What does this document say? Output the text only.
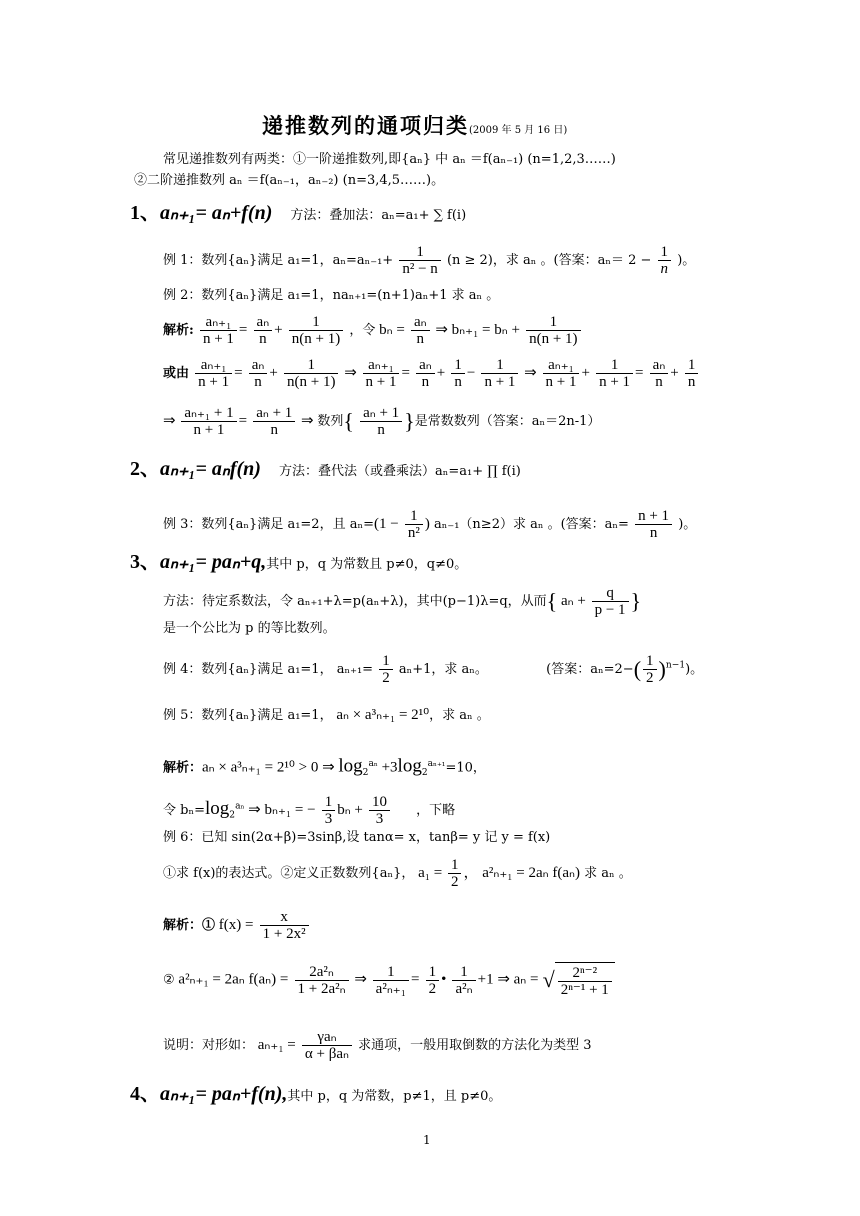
递推数列的通项归类(2009 年 5 月 16 日)
常见递推数列有两类：①一阶递推数列,即{aₙ} 中 aₙ ＝f(aₙ₋₁) (n=1,2,3……)
②二阶递推数列 aₙ ＝f(aₙ₋₁，aₙ₋₂) (n=3,4,5……)。
1、aₙ₊₁= aₙ+f(n) 方法：叠加法：aₙ=a₁+ ∑ f(i)
例 1：数列{aₙ}满足 a₁=1，$a_n=a_{n-1}+ \frac{1}{\text{n² − n}} (n \ge 2)$，求 aₙ 。(答案：$a_n= 2 - \frac{1}{n}$ )。
例 2：数列{aₙ}满足 a₁=1，naₙ₊₁=(n+1)aₙ+1 求 aₙ 。
解析: $\frac{\text{aₙ₊₁}}{n + 1} = \frac{\text{aₙ}}{n} + \frac{1}{n(n + 1)}$ ，令 $b_n = \frac{\text{aₙ}}{n}$ ⇒ $b_{n+1} = b_n + \frac{1}{n(n + 1)}$
或由 $\frac{\text{aₙ₊₁}}{n + 1} = \frac{\text{aₙ}}{n} + \frac{1}{n(n + 1)}$ ⇒ $\frac{\text{aₙ₊₁}}{n + 1} = \frac{\text{aₙ}}{n} + \frac{1}{n} - \frac{1}{n + 1}$ ⇒ $\frac{\text{aₙ₊₁}}{n + 1} + \frac{1}{n + 1} = \frac{\text{aₙ}}{n} + \frac{1}{n}$
⇒ $\frac{\text{aₙ₊₁ + 1}}{n + 1} = \frac{\text{aₙ + 1}}{n}$ ⇒ 数列{ $\frac{\text{aₙ + 1}}{n}$ }是常数数列（答案：aₙ＝2n-1）
2、aₙ₊₁= aₙf(n) 方法：叠代法（或叠乘法）aₙ=a₁+ ∏ f(i)
例 3：数列{aₙ}满足 a₁=2，且 $a_n=(1 - \frac{1}{\text{n²}}$ ) aₙ₋₁（n≥2）求 aₙ 。(答案：$a_n= \frac{n + 1}{n}$ )。
3、aₙ₊₁= paₙ+q,其中 p，q 为常数且 p≠0，q≠0。
方法：待定系数法，令 aₙ₊₁+λ=p(aₙ+λ)，其中(p−1)λ=q，从而{ $a_n + \frac{q}{p - 1}$ }
是一个公比为 p 的等比数列。
例 4：数列{aₙ}满足 a₁=1， $a_{n+1}= \frac{1}{2} a_n+1$，求 aₙ。	(答案：$a_n=2-( \frac{1}{2} )^{n-1}$)。
例 5：数列{aₙ}满足 a₁=1， aₙ × a³ₙ₊₁ = 2¹⁰，求 aₙ 。
解析：aₙ × a³ₙ₊₁ = 2¹⁰ > 0 ⇒ $\log_2^{a_n} +3\log_2^{a_{n+1}}=10$，
令 $b_n=\log_2^{a_n}$ ⇒ bₙ₊₁ = − $\frac{1}{3}$ $b_n + \frac{10}{3}$ ，下略
例 6：已知 sin(2α+β)=3sinβ,设 tanα= x，tanβ= y 记 y = f(x)
①求 f(x)的表达式。②定义正数数列{aₙ}， $a_1 = \frac{1}{2}$ ， a²ₙ₊₁ = 2aₙ f(aₙ) 求 aₙ 。
解析：① $f(x) = \frac{x}{\text{1 + 2x²}}$
② a²ₙ₊₁ = 2aₙ $f(a_n) = \frac{\text{2a²ₙ}}{\text{1 + 2a²ₙ}}$ ⇒ $\frac{1}{\text{a²ₙ₊₁}} = \frac{1}{2}$ • $\frac{1}{\text{a²ₙ}} +1$ ⇒ aₙ = √ $\frac{\text{2ⁿ⁻²}}{\text{2ⁿ⁻¹ + 1}}$
说明：对形如： $a_{n+1} = \frac{\text{γaₙ}}{\text{α + βaₙ}}$ 求通项，一般用取倒数的方法化为类型 3
4、aₙ₊₁= paₙ+f(n),其中 p，q 为常数，p≠1，且 p≠0。
1
